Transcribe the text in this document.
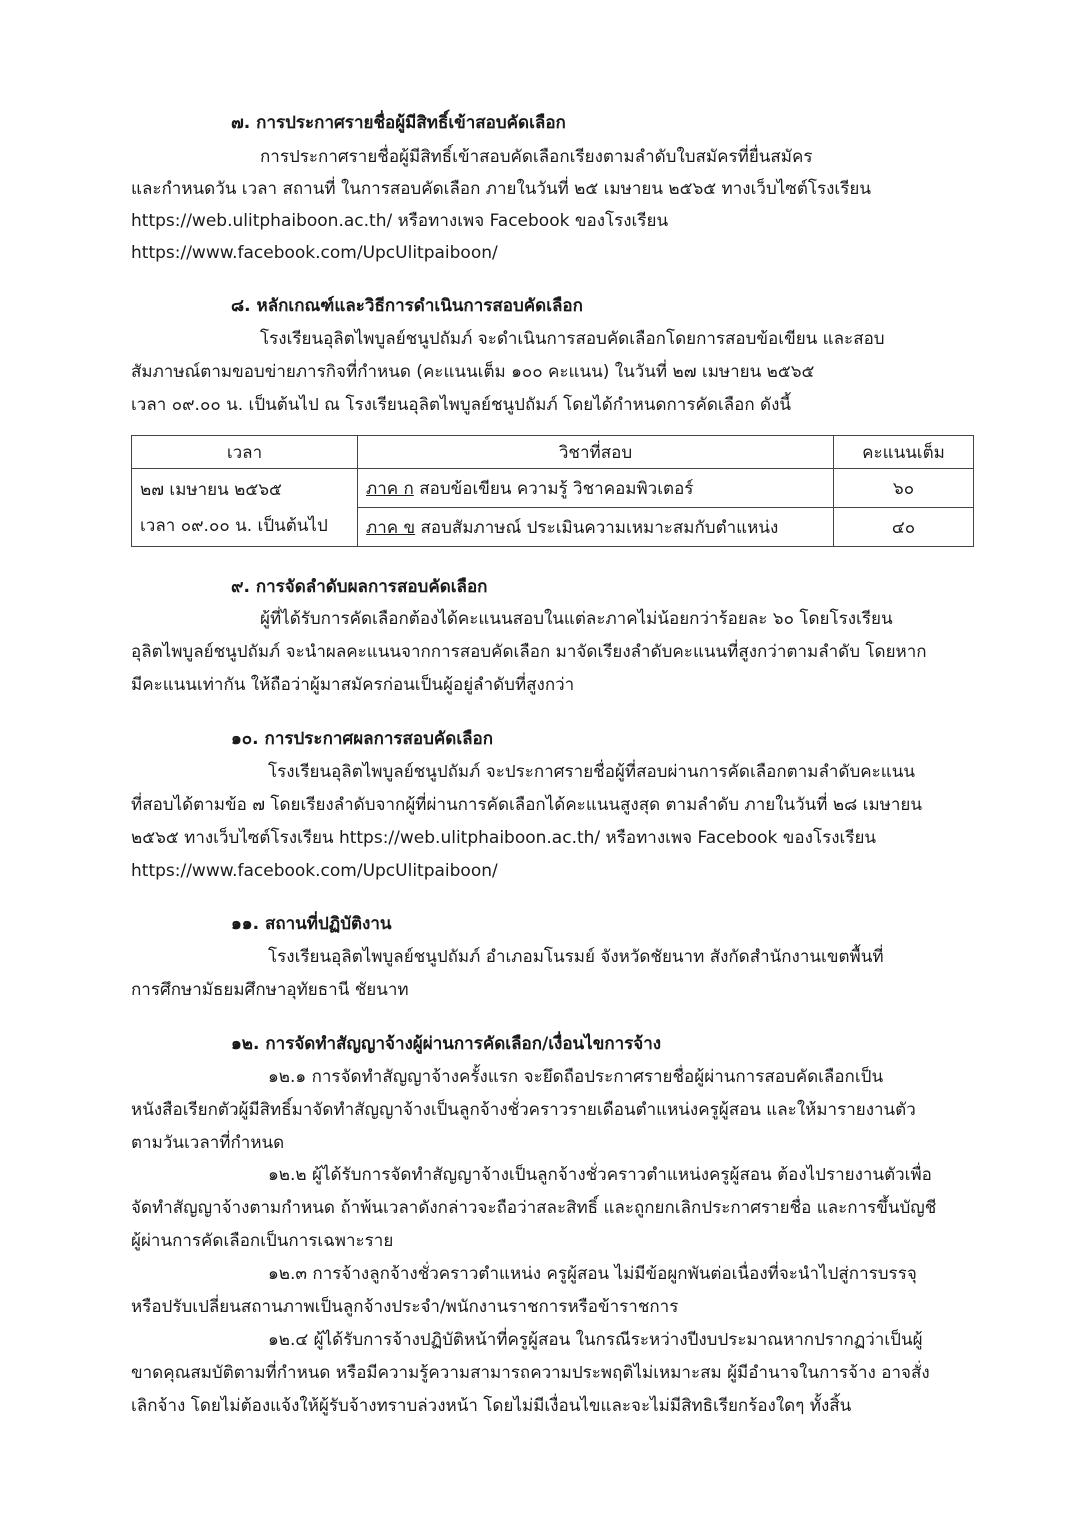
๗. การประกาศรายชื่อผู้มีสิทธิ์เข้าสอบคัดเลือก
การประกาศรายชื่อผู้มีสิทธิ์เข้าสอบคัดเลือกเรียงตามลำดับใบสมัครที่ยื่นสมัคร
และกำหนดวัน เวลา สถานที่ ในการสอบคัดเลือก ภายในวันที่ ๒๕ เมษายน ๒๕๖๕ ทางเว็บไซต์โรงเรียน
https://web.ulitphaiboon.ac.th/ หรือทางเพจ Facebook ของโรงเรียน
https://www.facebook.com/UpcUlitpaiboon/
๘. หลักเกณฑ์และวิธีการดำเนินการสอบคัดเลือก
โรงเรียนอุลิตไพบูลย์ชนูปถัมภ์ จะดำเนินการสอบคัดเลือกโดยการสอบข้อเขียน และสอบ
สัมภาษณ์ตามขอบข่ายภารกิจที่กำหนด (คะแนนเต็ม ๑๐๐ คะแนน) ในวันที่ ๒๗ เมษายน ๒๕๖๕
เวลา ๐๙.๐๐ น. เป็นต้นไป ณ โรงเรียนอุลิตไพบูลย์ชนูปถัมภ์ โดยได้กำหนดการคัดเลือก ดังนี้
เวลา	วิชาที่สอบ	คะแนนเต็ม

๒๗ เมษายน ๒๕๖๕
เวลา ๐๙.๐๐ น. เป็นต้นไป	ภาค ก สอบข้อเขียน ความรู้ วิชาคอมพิวเตอร์	๖๐
	ภาค ข สอบสัมภาษณ์ ประเมินความเหมาะสมกับตำแหน่ง	๔๐
๙. การจัดลำดับผลการสอบคัดเลือก
ผู้ที่ได้รับการคัดเลือกต้องได้คะแนนสอบในแต่ละภาคไม่น้อยกว่าร้อยละ ๖๐ โดยโรงเรียน
อุลิตไพบูลย์ชนูปถัมภ์ จะนำผลคะแนนจากการสอบคัดเลือก มาจัดเรียงลำดับคะแนนที่สูงกว่าตามลำดับ โดยหาก
มีคะแนนเท่ากัน ให้ถือว่าผู้มาสมัครก่อนเป็นผู้อยู่ลำดับที่สูงกว่า
๑๐. การประกาศผลการสอบคัดเลือก
โรงเรียนอุลิตไพบูลย์ชนูปถัมภ์ จะประกาศรายชื่อผู้ที่สอบผ่านการคัดเลือกตามลำดับคะแนน
ที่สอบได้ตามข้อ ๗ โดยเรียงลำดับจากผู้ที่ผ่านการคัดเลือกได้คะแนนสูงสุด ตามลำดับ ภายในวันที่ ๒๘ เมษายน
๒๕๖๕ ทางเว็บไซต์โรงเรียน https://web.ulitphaiboon.ac.th/ หรือทางเพจ Facebook ของโรงเรียน
https://www.facebook.com/UpcUlitpaiboon/
๑๑. สถานที่ปฏิบัติงาน
โรงเรียนอุลิตไพบูลย์ชนูปถัมภ์ อำเภอมโนรมย์ จังหวัดชัยนาท สังกัดสำนักงานเขตพื้นที่
การศึกษามัธยมศึกษาอุทัยธานี ชัยนาท
๑๒. การจัดทำสัญญาจ้างผู้ผ่านการคัดเลือก/เงื่อนไขการจ้าง
๑๒.๑ การจัดทำสัญญาจ้างครั้งแรก จะยึดถือประกาศรายชื่อผู้ผ่านการสอบคัดเลือกเป็น
หนังสือเรียกตัวผู้มีสิทธิ์มาจัดทำสัญญาจ้างเป็นลูกจ้างชั่วคราวรายเดือนตำแหน่งครูผู้สอน และให้มารายงานตัว
ตามวันเวลาที่กำหนด
๑๒.๒ ผู้ได้รับการจัดทำสัญญาจ้างเป็นลูกจ้างชั่วคราวตำแหน่งครูผู้สอน ต้องไปรายงานตัวเพื่อ
จัดทำสัญญาจ้างตามกำหนด ถ้าพ้นเวลาดังกล่าวจะถือว่าสละสิทธิ์ และถูกยกเลิกประกาศรายชื่อ และการขึ้นบัญชี
ผู้ผ่านการคัดเลือกเป็นการเฉพาะราย
๑๒.๓ การจ้างลูกจ้างชั่วคราวตำแหน่ง ครูผู้สอน ไม่มีข้อผูกพันต่อเนื่องที่จะนำไปสู่การบรรจุ
หรือปรับเปลี่ยนสถานภาพเป็นลูกจ้างประจำ/พนักงานราชการหรือข้าราชการ
๑๒.๔ ผู้ได้รับการจ้างปฏิบัติหน้าที่ครูผู้สอน ในกรณีระหว่างปีงบประมาณหากปรากฏว่าเป็นผู้
ขาดคุณสมบัติตามที่กำหนด หรือมีความรู้ความสามารถความประพฤติไม่เหมาะสม ผู้มีอำนาจในการจ้าง อาจสั่ง
เลิกจ้าง โดยไม่ต้องแจ้งให้ผู้รับจ้างทราบล่วงหน้า โดยไม่มีเงื่อนไขและจะไม่มีสิทธิเรียกร้องใดๆ ทั้งสิ้น
